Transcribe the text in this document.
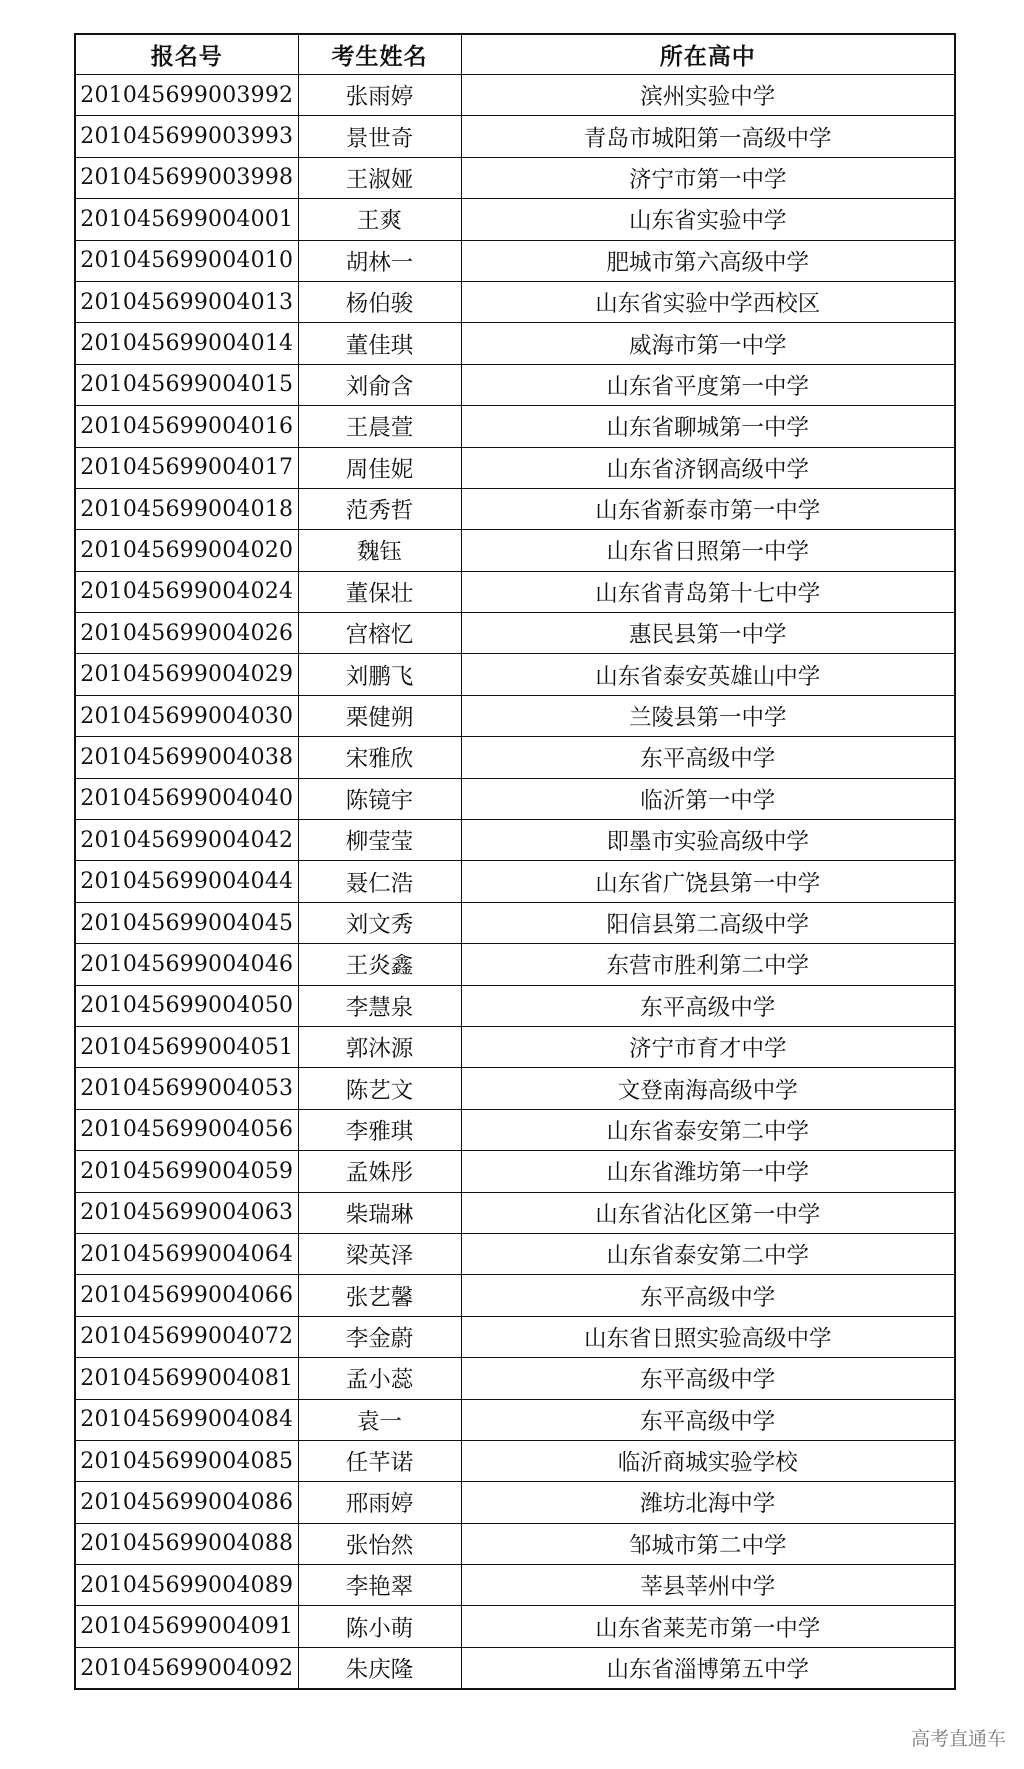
报名号	考生姓名	所在高中
201045699003992	张雨婷	滨州实验中学
201045699003993	景世奇	青岛市城阳第一高级中学
201045699003998	王淑娅	济宁市第一中学
201045699004001	王爽	山东省实验中学
201045699004010	胡林一	肥城市第六高级中学
201045699004013	杨伯骏	山东省实验中学西校区
201045699004014	董佳琪	威海市第一中学
201045699004015	刘俞含	山东省平度第一中学
201045699004016	王晨萱	山东省聊城第一中学
201045699004017	周佳妮	山东省济钢高级中学
201045699004018	范秀哲	山东省新泰市第一中学
201045699004020	魏钰	山东省日照第一中学
201045699004024	董保壮	山东省青岛第十七中学
201045699004026	宫榕忆	惠民县第一中学
201045699004029	刘鹏飞	山东省泰安英雄山中学
201045699004030	栗健朔	兰陵县第一中学
201045699004038	宋雅欣	东平高级中学
201045699004040	陈镜宇	临沂第一中学
201045699004042	柳莹莹	即墨市实验高级中学
201045699004044	聂仁浩	山东省广饶县第一中学
201045699004045	刘文秀	阳信县第二高级中学
201045699004046	王炎鑫	东营市胜利第二中学
201045699004050	李慧泉	东平高级中学
201045699004051	郭沐源	济宁市育才中学
201045699004053	陈艺文	文登南海高级中学
201045699004056	李雅琪	山东省泰安第二中学
201045699004059	孟姝彤	山东省潍坊第一中学
201045699004063	柴瑞琳	山东省沾化区第一中学
201045699004064	梁英泽	山东省泰安第二中学
201045699004066	张艺馨	东平高级中学
201045699004072	李金蔚	山东省日照实验高级中学
201045699004081	孟小蕊	东平高级中学
201045699004084	袁一	东平高级中学
201045699004085	任芊诺	临沂商城实验学校
201045699004086	邢雨婷	潍坊北海中学
201045699004088	张怡然	邹城市第二中学
201045699004089	李艳翠	莘县莘州中学
201045699004091	陈小萌	山东省莱芜市第一中学
201045699004092	朱庆隆	山东省淄博第五中学
高考直通车
